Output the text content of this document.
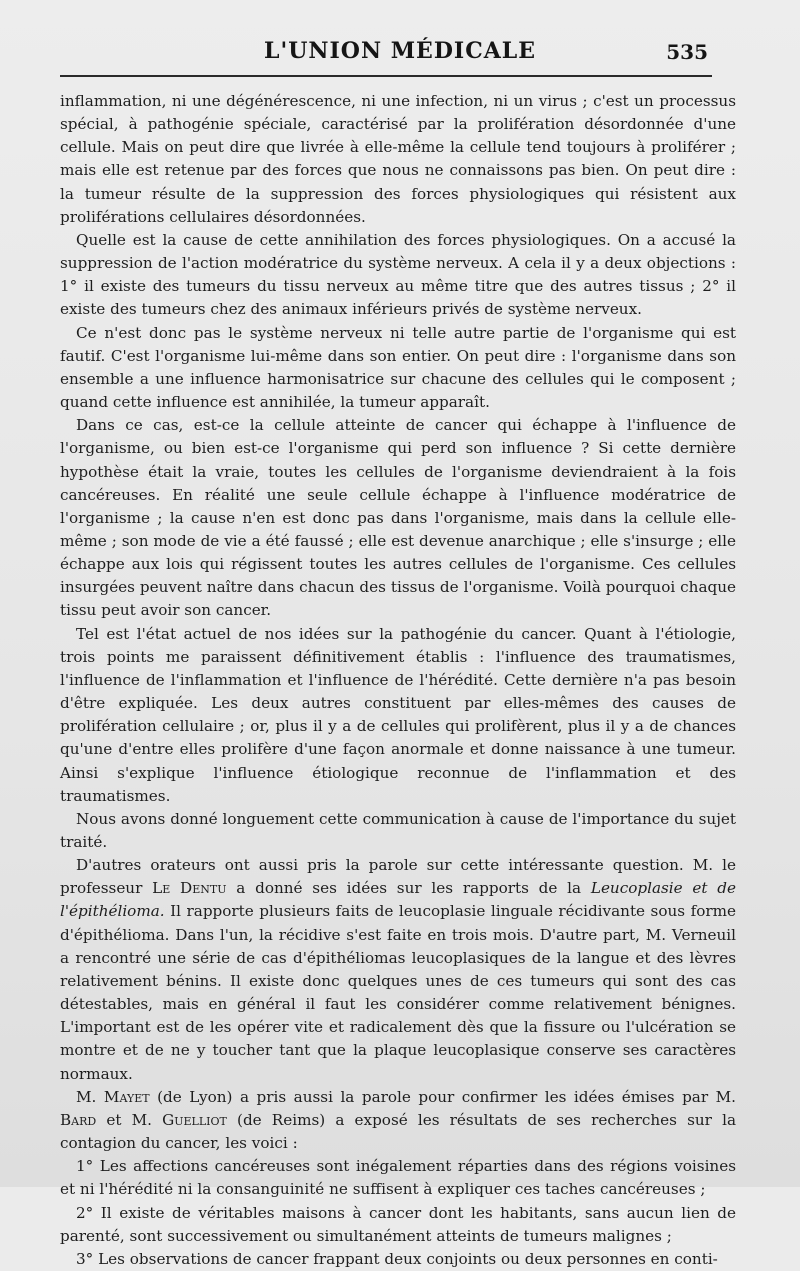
L'UNION MÉDICALE	535

inflammation, ni une dégénérescence, ni une infection, ni un virus ; c'est un processus spécial, à pathogénie spéciale, caractérisé par la prolifération désordonnée d'une cellule. Mais on peut dire que livrée à elle-même la cellule tend toujours à proliférer ; mais elle est retenue par des forces que nous ne connaissons pas bien. On peut dire : la tumeur résulte de la suppression des forces physiologiques qui résistent aux proliférations cellulaires désordonnées.

Quelle est la cause de cette annihilation des forces physiologiques. On a accusé la suppression de l'action modératrice du système nerveux. A cela il y a deux objections : 1° il existe des tumeurs du tissu nerveux au même titre que des autres tissus ; 2° il existe des tumeurs chez des animaux inférieurs privés de système nerveux.

Ce n'est donc pas le système nerveux ni telle autre partie de l'organisme qui est fautif. C'est l'organisme lui-même dans son entier. On peut dire : l'organisme dans son ensemble a une influence harmonisatrice sur chacune des cellules qui le composent ; quand cette influence est annihilée, la tumeur apparaît.

Dans ce cas, est-ce la cellule atteinte de cancer qui échappe à l'influence de l'organisme, ou bien est-ce l'organisme qui perd son influence ? Si cette dernière hypothèse était la vraie, toutes les cellules de l'organisme deviendraient à la fois cancéreuses. En réalité une seule cellule échappe à l'influence modératrice de l'organisme ; la cause n'en est donc pas dans l'organisme, mais dans la cellule elle-même ; son mode de vie a été faussé ; elle est devenue anarchique ; elle s'insurge ; elle échappe aux lois qui régissent toutes les autres cellules de l'organisme. Ces cellules insurgées peuvent naître dans chacun des tissus de l'organisme. Voilà pourquoi chaque tissu peut avoir son cancer.

Tel est l'état actuel de nos idées sur la pathogénie du cancer. Quant à l'étiologie, trois points me paraissent définitivement établis : l'influence des traumatismes, l'influence de l'inflammation et l'influence de l'hérédité. Cette dernière n'a pas besoin d'être expliquée. Les deux autres constituent par elles-mêmes des causes de prolifération cellulaire ; or, plus il y a de cellules qui prolifèrent, plus il y a de chances qu'une d'entre elles prolifère d'une façon anormale et donne naissance à une tumeur. Ainsi s'explique l'influence étiologique reconnue de l'inflammation et des traumatismes.

Nous avons donné longuement cette communication à cause de l'importance du sujet traité.

D'autres orateurs ont aussi pris la parole sur cette intéressante question. M. le professeur Le Dentu a donné ses idées sur les rapports de la Leucoplasie et de l'épithélioma. Il rapporte plusieurs faits de leucoplasie linguale récidivante sous forme d'épithélioma. Dans l'un, la récidive s'est faite en trois mois. D'autre part, M. Verneuil a rencontré une série de cas d'épithéliomas leucoplasiques de la langue et des lèvres relativement bénins. Il existe donc quelques unes de ces tumeurs qui sont des cas détestables, mais en général il faut les considérer comme relativement bénignes. L'important est de les opérer vite et radicalement dès que la fissure ou l'ulcération se montre et de ne y toucher tant que la plaque leucoplasique conserve ses caractères normaux.

M. Mayet (de Lyon) a pris aussi la parole pour confirmer les idées émises par M. Bard et M. Guelliot (de Reims) a exposé les résultats de ses recherches sur la contagion du cancer, les voici :

1° Les affections cancéreuses sont inégalement réparties dans des régions voisines et ni l'hérédité ni la consanguinité ne suffisent à expliquer ces taches cancéreuses ;

2° Il existe de véritables maisons à cancer dont les habitants, sans aucun lien de parenté, sont successivement ou simultanément atteints de tumeurs malignes ;

3° Les observations de cancer frappant deux conjoints ou deux personnes en conti-
